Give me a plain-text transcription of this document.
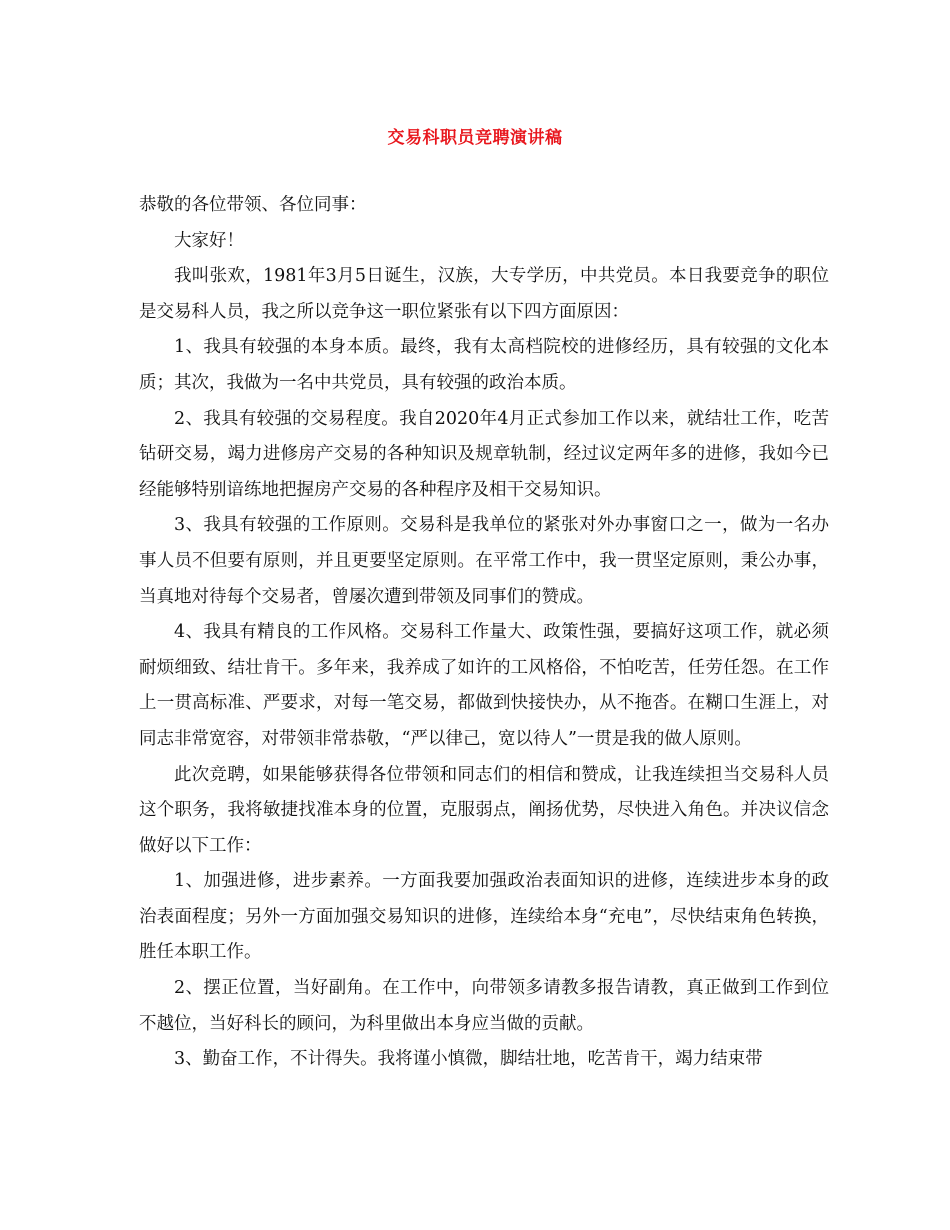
交易科职员竞聘演讲稿

恭敬的各位带领、各位同事：

大家好！

我叫张欢，1981年3月5日诞生，汉族，大专学历，中共党员。本日我要竞争的职位是交易科人员，我之所以竞争这一职位紧张有以下四方面原因：

1、我具有较强的本身本质。最终，我有太高档院校的进修经历，具有较强的文化本质；其次，我做为一名中共党员，具有较强的政治本质。

2、我具有较强的交易程度。我自2020年4月正式参加工作以来，就结壮工作，吃苦钻研交易，竭力进修房产交易的各种知识及规章轨制，经过议定两年多的进修，我如今已经能够特别谙练地把握房产交易的各种程序及相干交易知识。

3、我具有较强的工作原则。交易科是我单位的紧张对外办事窗口之一，做为一名办事人员不但要有原则，并且更要坚定原则。在平常工作中，我一贯坚定原则，秉公办事，当真地对待每个交易者，曾屡次遭到带领及同事们的赞成。

4、我具有精良的工作风格。交易科工作量大、政策性强，要搞好这项工作，就必须耐烦细致、结壮肯干。多年来，我养成了如许的工风格俗，不怕吃苦，任劳任怨。在工作上一贯高标准、严要求，对每一笔交易，都做到快接快办，从不拖沓。在糊口生涯上，对同志非常宽容，对带领非常恭敬，“严以律己，宽以待人”一贯是我的做人原则。

此次竞聘，如果能够获得各位带领和同志们的相信和赞成，让我连续担当交易科人员这个职务，我将敏捷找准本身的位置，克服弱点，阐扬优势，尽快进入角色。并决议信念做好以下工作：

1、加强进修，进步素养。一方面我要加强政治表面知识的进修，连续进步本身的政治表面程度；另外一方面加强交易知识的进修，连续给本身“充电”，尽快结束角色转换，胜任本职工作。

2、摆正位置，当好副角。在工作中，向带领多请教多报告请教，真正做到工作到位不越位，当好科长的顾问，为科里做出本身应当做的贡献。

3、勤奋工作，不计得失。我将谨小慎微，脚结壮地，吃苦肯干，竭力结束带
